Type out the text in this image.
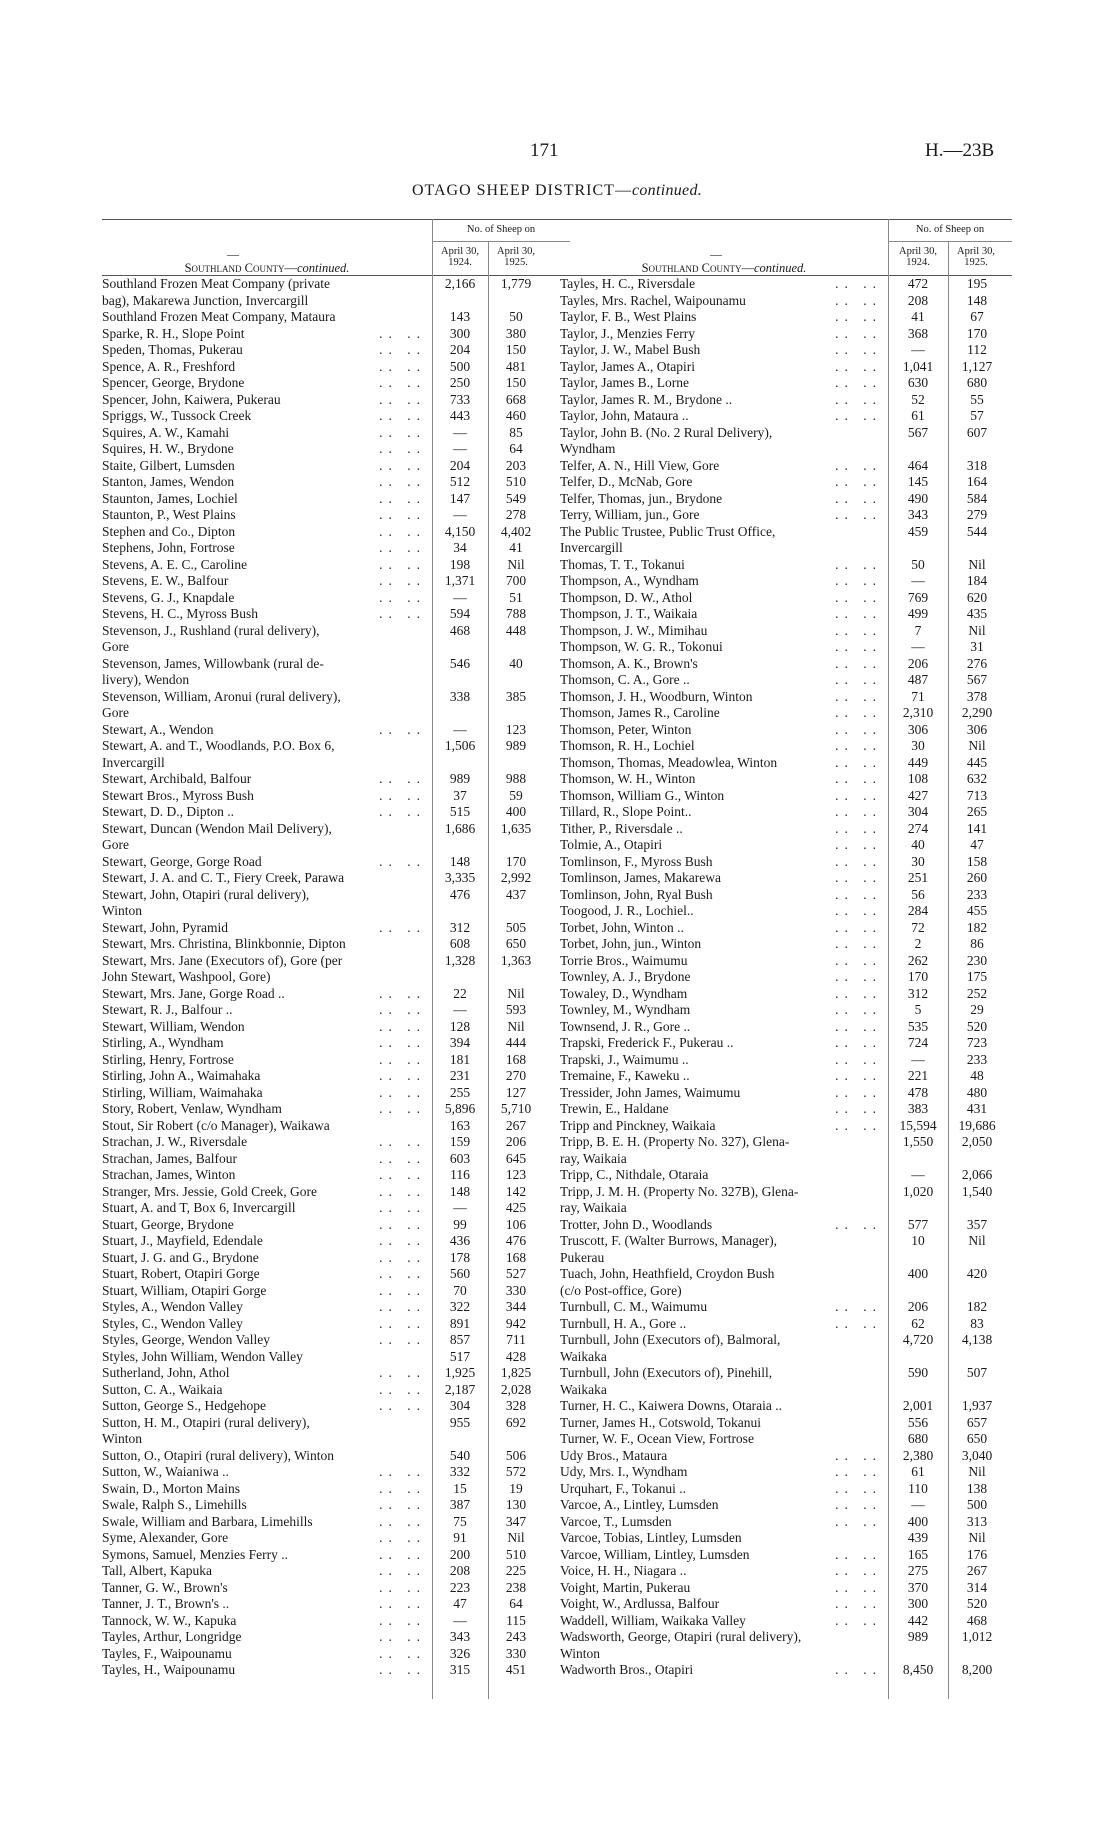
171	H.—23B
OTAGO SHEEP DISTRICT—continued.
—
No. of Sheep on
April 30,
1924.
April 30,
1925.
Southland County—continued.
Southland Frozen Meat Company (private
bag), Makarewa Junction, Invercargill
2,166	1,779
Southland Frozen Meat Company, Mataura	143	50
Sparke, R. H., Slope Point	.. ..	300	380
Speden, Thomas, Pukerau	.. ..	204	150
Spence, A. R., Freshford	.. ..	500	481
Spencer, George, Brydone	.. ..	250	150
Spencer, John, Kaiwera, Pukerau	.. ..	733	668
Spriggs, W., Tussock Creek	.. ..	443	460
Squires, A. W., Kamahi	.. ..	—	85
Squires, H. W., Brydone	.. ..	—	64
Staite, Gilbert, Lumsden	.. ..	204	203
Stanton, James, Wendon	.. ..	512	510
Staunton, James, Lochiel	.. ..	147	549
Staunton, P., West Plains	.. ..	—	278
Stephen and Co., Dipton	.. ..	4,150	4,402
Stephens, John, Fortrose	.. ..	34	41
Stevens, A. E. C., Caroline	.. ..	198	Nil
Stevens, E. W., Balfour	.. ..	1,371	700
Stevens, G. J., Knapdale	.. ..	—	51
Stevens, H. C., Myross Bush	.. ..	594	788
Stevenson, J., Rushland (rural delivery),
Gore
468	448
Stevenson, James, Willowbank (rural de-
livery), Wendon
546	40
Stevenson, William, Aronui (rural delivery),
Gore
338	385
Stewart, A., Wendon	.. ..	—	123
Stewart, A. and T., Woodlands, P.O. Box 6,
Invercargill
1,506	989
Stewart, Archibald, Balfour	.. ..	989	988
Stewart Bros., Myross Bush	.. ..	37	59
Stewart, D. D., Dipton ..	.. ..	515	400
Stewart, Duncan (Wendon Mail Delivery),
Gore
1,686	1,635
Stewart, George, Gorge Road	.. ..	148	170
Stewart, J. A. and C. T., Fiery Creek, Parawa	3,335	2,992
Stewart, John, Otapiri (rural delivery),
Winton
476	437
Stewart, John, Pyramid	.. ..	312	505
Stewart, Mrs. Christina, Blinkbonnie, Dipton	608	650
Stewart, Mrs. Jane (Executors of), Gore (per
John Stewart, Washpool, Gore)
1,328	1,363
Stewart, Mrs. Jane, Gorge Road ..	.. ..	22	Nil
Stewart, R. J., Balfour ..	.. ..	—	593
Stewart, William, Wendon	.. ..	128	Nil
Stirling, A., Wyndham	.. ..	394	444
Stirling, Henry, Fortrose	.. ..	181	168
Stirling, John A., Waimahaka	.. ..	231	270
Stirling, William, Waimahaka	.. ..	255	127
Story, Robert, Venlaw, Wyndham	.. ..	5,896	5,710
Stout, Sir Robert (c/o Manager), Waikawa	163	267
Strachan, J. W., Riversdale	.. ..	159	206
Strachan, James, Balfour	.. ..	603	645
Strachan, James, Winton	.. ..	116	123
Stranger, Mrs. Jessie, Gold Creek, Gore	.. ..	148	142
Stuart, A. and T, Box 6, Invercargill	.. ..	—	425
Stuart, George, Brydone	.. ..	99	106
Stuart, J., Mayfield, Edendale	.. ..	436	476
Stuart, J. G. and G., Brydone	.. ..	178	168
Stuart, Robert, Otapiri Gorge	.. ..	560	527
Stuart, William, Otapiri Gorge	.. ..	70	330
Styles, A., Wendon Valley	.. ..	322	344
Styles, C., Wendon Valley	.. ..	891	942
Styles, George, Wendon Valley	.. ..	857	711
Styles, John William, Wendon Valley	517	428
Sutherland, John, Athol	.. ..	1,925	1,825
Sutton, C. A., Waikaia	.. ..	2,187	2,028
Sutton, George S., Hedgehope	.. ..	304	328
Sutton, H. M., Otapiri (rural delivery),
Winton
955	692
Sutton, O., Otapiri (rural delivery), Winton	540	506
Sutton, W., Waianiwa ..	.. ..	332	572
Swain, D., Morton Mains	.. ..	15	19
Swale, Ralph S., Limehills	.. ..	387	130
Swale, William and Barbara, Limehills	.. ..	75	347
Syme, Alexander, Gore	.. ..	91	Nil
Symons, Samuel, Menzies Ferry ..	.. ..	200	510
Tall, Albert, Kapuka	.. ..	208	225
Tanner, G. W., Brown's	.. ..	223	238
Tanner, J. T., Brown's ..	.. ..	47	64
Tannock, W. W., Kapuka	.. ..	—	115
Tayles, Arthur, Longridge	.. ..	343	243
Tayles, F., Waipounamu	.. ..	326	330
Tayles, H., Waipounamu	.. ..	315	451
—
No. of Sheep on
April 30,
1924.
April 30,
1925.
Southland County—continued.
Tayles, H. C., Riversdale	.. ..	472	195
Tayles, Mrs. Rachel, Waipounamu	.. ..	208	148
Taylor, F. B., West Plains	.. ..	41	67
Taylor, J., Menzies Ferry	.. ..	368	170
Taylor, J. W., Mabel Bush	.. ..	—	112
Taylor, James A., Otapiri	.. ..	1,041	1,127
Taylor, James B., Lorne	.. ..	630	680
Taylor, James R. M., Brydone ..	.. ..	52	55
Taylor, John, Mataura ..	.. ..	61	57
Taylor, John B. (No. 2 Rural Delivery),
Wyndham
567	607
Telfer, A. N., Hill View, Gore	.. ..	464	318
Telfer, D., McNab, Gore	.. ..	145	164
Telfer, Thomas, jun., Brydone	.. ..	490	584
Terry, William, jun., Gore	.. ..	343	279
The Public Trustee, Public Trust Office,
Invercargill
459	544
Thomas, T. T., Tokanui	.. ..	50	Nil
Thompson, A., Wyndham	.. ..	—	184
Thompson, D. W., Athol	.. ..	769	620
Thompson, J. T., Waikaia	.. ..	499	435
Thompson, J. W., Mimihau	.. ..	7	Nil
Thompson, W. G. R., Tokonui	.. ..	—	31
Thomson, A. K., Brown's	.. ..	206	276
Thomson, C. A., Gore ..	.. ..	487	567
Thomson, J. H., Woodburn, Winton	.. ..	71	378
Thomson, James R., Caroline	.. ..	2,310	2,290
Thomson, Peter, Winton	.. ..	306	306
Thomson, R. H., Lochiel	.. ..	30	Nil
Thomson, Thomas, Meadowlea, Winton	.. ..	449	445
Thomson, W. H., Winton	.. ..	108	632
Thomson, William G., Winton	.. ..	427	713
Tillard, R., Slope Point..	.. ..	304	265
Tither, P., Riversdale ..	.. ..	274	141
Tolmie, A., Otapiri	.. ..	40	47
Tomlinson, F., Myross Bush	.. ..	30	158
Tomlinson, James, Makarewa	.. ..	251	260
Tomlinson, John, Ryal Bush	.. ..	56	233
Toogood, J. R., Lochiel..	.. ..	284	455
Torbet, John, Winton ..	.. ..	72	182
Torbet, John, jun., Winton	.. ..	2	86
Torrie Bros., Waimumu	.. ..	262	230
Townley, A. J., Brydone	.. ..	170	175
Towaley, D., Wyndham	.. ..	312	252
Townley, M., Wyndham	.. ..	5	29
Townsend, J. R., Gore ..	.. ..	535	520
Trapski, Frederick F., Pukerau ..	.. ..	724	723
Trapski, J., Waimumu ..	.. ..	—	233
Tremaine, F., Kaweku ..	.. ..	221	48
Tressider, John James, Waimumu	.. ..	478	480
Trewin, E., Haldane	.. ..	383	431
Tripp and Pinckney, Waikaia	.. ..	15,594	19,686
Tripp, B. E. H. (Property No. 327), Glena-
ray, Waikaia
1,550	2,050
Tripp, C., Nithdale, Otaraia	—	2,066
Tripp, J. M. H. (Property No. 327B), Glena-
ray, Waikaia
1,020	1,540
Trotter, John D., Woodlands	.. ..	577	357
Truscott, F. (Walter Burrows, Manager),
Pukerau
10	Nil
Tuach, John, Heathfield, Croydon Bush
(c/o Post-office, Gore)
400	420
Turnbull, C. M., Waimumu	.. ..	206	182
Turnbull, H. A., Gore ..	.. ..	62	83
Turnbull, John (Executors of), Balmoral,
Waikaka
4,720	4,138
Turnbull, John (Executors of), Pinehill,
Waikaka
590	507
Turner, H. C., Kaiwera Downs, Otaraia ..	2,001	1,937
Turner, James H., Cotswold, Tokanui	556	657
Turner, W. F., Ocean View, Fortrose	680	650
Udy Bros., Mataura	.. ..	2,380	3,040
Udy, Mrs. I., Wyndham	.. ..	61	Nil
Urquhart, F., Tokanui ..	.. ..	110	138
Varcoe, A., Lintley, Lumsden	.. ..	—	500
Varcoe, T., Lumsden	.. ..	400	313
Varcoe, Tobias, Lintley, Lumsden	439	Nil
Varcoe, William, Lintley, Lumsden	.. ..	165	176
Voice, H. H., Niagara ..	.. ..	275	267
Voight, Martin, Pukerau	.. ..	370	314
Voight, W., Ardlussa, Balfour	.. ..	300	520
Waddell, William, Waikaka Valley	.. ..	442	468
Wadsworth, George, Otapiri (rural delivery),
Winton
989	1,012
Wadworth Bros., Otapiri	.. ..	8,450	8,200
